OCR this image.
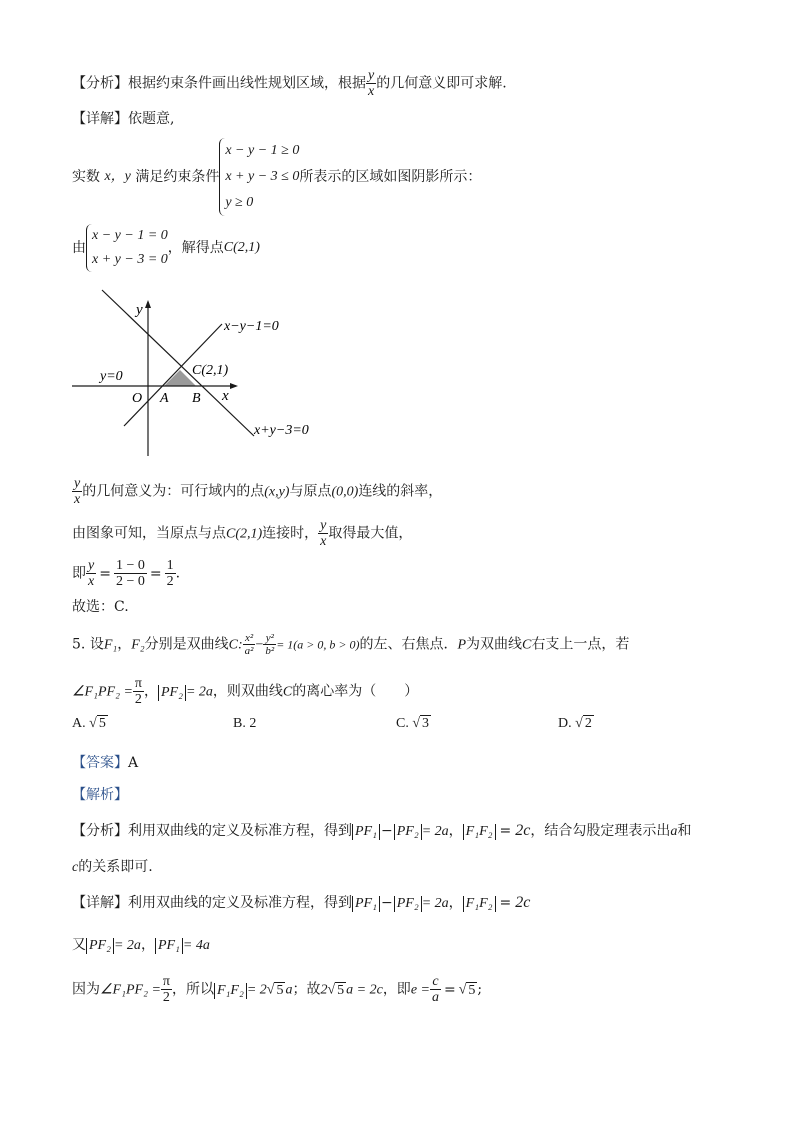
【分析】根据约束条件画出线性规划区域，根据 $\frac{y}{x}$ 的几何意义即可求解.
【详解】依题意,
实数 x，y 满足约束条件
x − y − 1 ≥ 0
x + y − 3 ≤ 0
y ≥ 0
所表示的区域如图阴影所示：
由
x − y − 1 = 0
x + y − 3 = 0
，解得点C(2,1)
y
x
O A B
C(2,1)
x−y−1=0
x+y−3=0
y=0
$\frac{y}{x}$ 的几何意义为：可行域内的点(x,y)与原点(0,0)连线的斜率，
由图象可知，当原点与点C(2,1)连接时， $\frac{y}{x}$ 取得最大值，
即 $\frac{y}{x} = \frac{1 - 0}{2 - 0} = \frac{1}{2}$ .
故选：C.
5. 设F₁，F₂分别是双曲线C: $\frac{\text{x²}}{\text{a²}} - \frac{\text{y²}}{\text{b²}} = 1(a > 0$, b > 0)的左、右焦点．P为双曲线C右支上一点，若
∠F₁PF₂ = $\frac{\pi}{2}$ ， PF₂ = 2a，则双曲线C的离心率为（　　）
A. √ 5	B. 2	C. √ 3	D. √ 2
【答案】A
【解析】
【分析】利用双曲线的定义及标准方程，得到 PF₁ − PF₂ = 2a， F₁F₂ = 2c，结合勾股定理表示出a和
c的关系即可.
【详解】利用双曲线的定义及标准方程，得到 PF₁ − PF₂ = 2a， F₁F₂ = 2c
又 PF₂ = 2a， PF₁ = 4a
因为∠F₁PF₂ = $\frac{\pi}{2}$ ，所以 F₁F₂ = 2√ 5 a；故2√ 5 a = 2c，即$e = \frac{c}{a}$ = √ 5 ;
